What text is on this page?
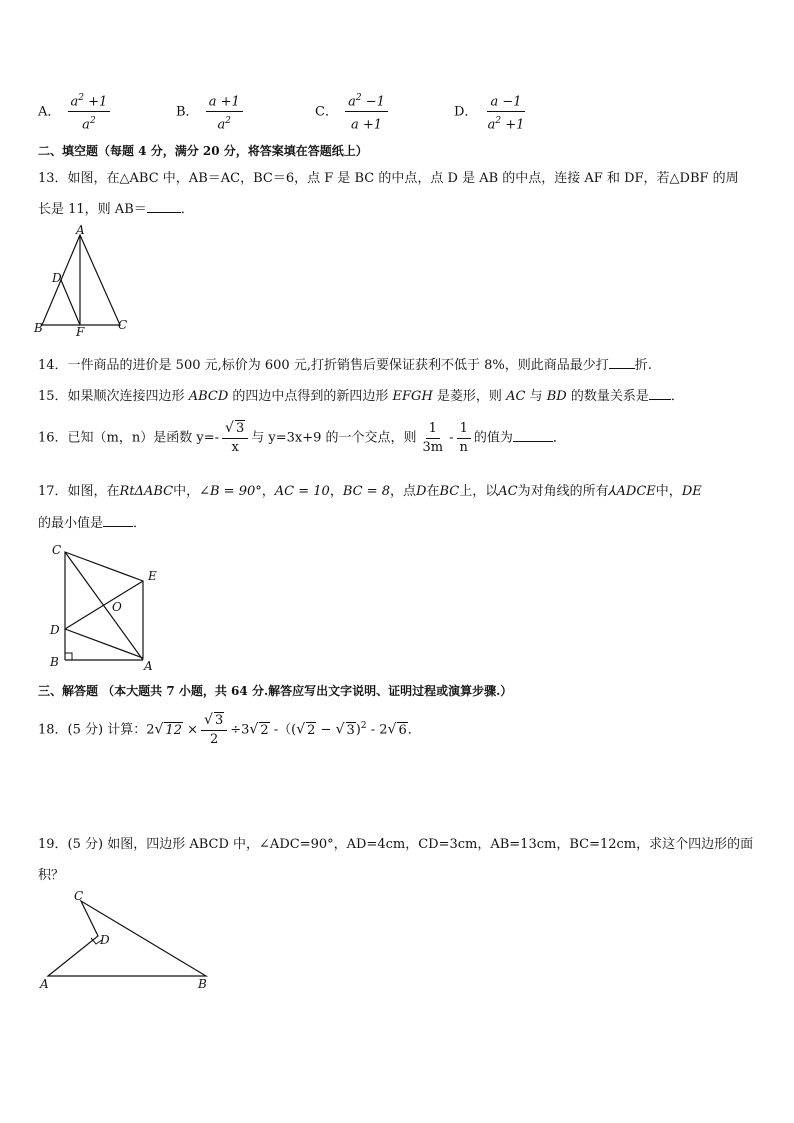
A． $\frac{a^2 +1}{a^2}$	B． $\frac{a +1}{a^2}$	C． $\frac{a^2 -1}{a +1}$	D． $\frac{a -1}{a^2 +1}$
二、填空题（每题 4 分，满分 20 分，将答案填在答题纸上）
13．如图，在△ABC 中，AB＝AC，BC＝6，点 F 是 BC 的中点，点 D 是 AB 的中点，连接 AF 和 DF，若△DBF 的周
长是 11，则 AB＝	．
A
D
B	F	C
14．一件商品的进价是 500 元,标价为 600 元,打折销售后要保证获利不低于 8%，则此商品最少打 折.
15．如果顺次连接四边形 ABCD 的四边中点得到的新四边形 EFGH 是菱形，则 AC 与 BD 的数量关系是 ．
16．已知（m，n）是函数 $y=- \frac{√ 3}{x}$ 与 y=3x+9 的一个交点，则 $\frac{1}{3m} - \frac{1}{n}$ 的值为	．
17．如图，在RtΔABC中，∠B = 90°，AC = 10，BC = 8，点D在BC上，以AC为对角线的所有⅄ADCE中，DE
的最小值是 ．
C
E
O
D
B	A
三、解答题 （本大题共 7 小题，共 64 分.解答应写出文字说明、证明过程或演算步骤.）
18．(5 分) 计算：2√ $12 \times \frac{√ 3}{2} \div 3√$ 2 -（(√ 2 − √ 3)$^2$ - 2√ 6．
19．(5 分) 如图，四边形 ABCD 中，∠ADC=90°，AD=4cm，CD=3cm，AB=13cm，BC=12cm，求这个四边形的面
积？
C
D
A	B
